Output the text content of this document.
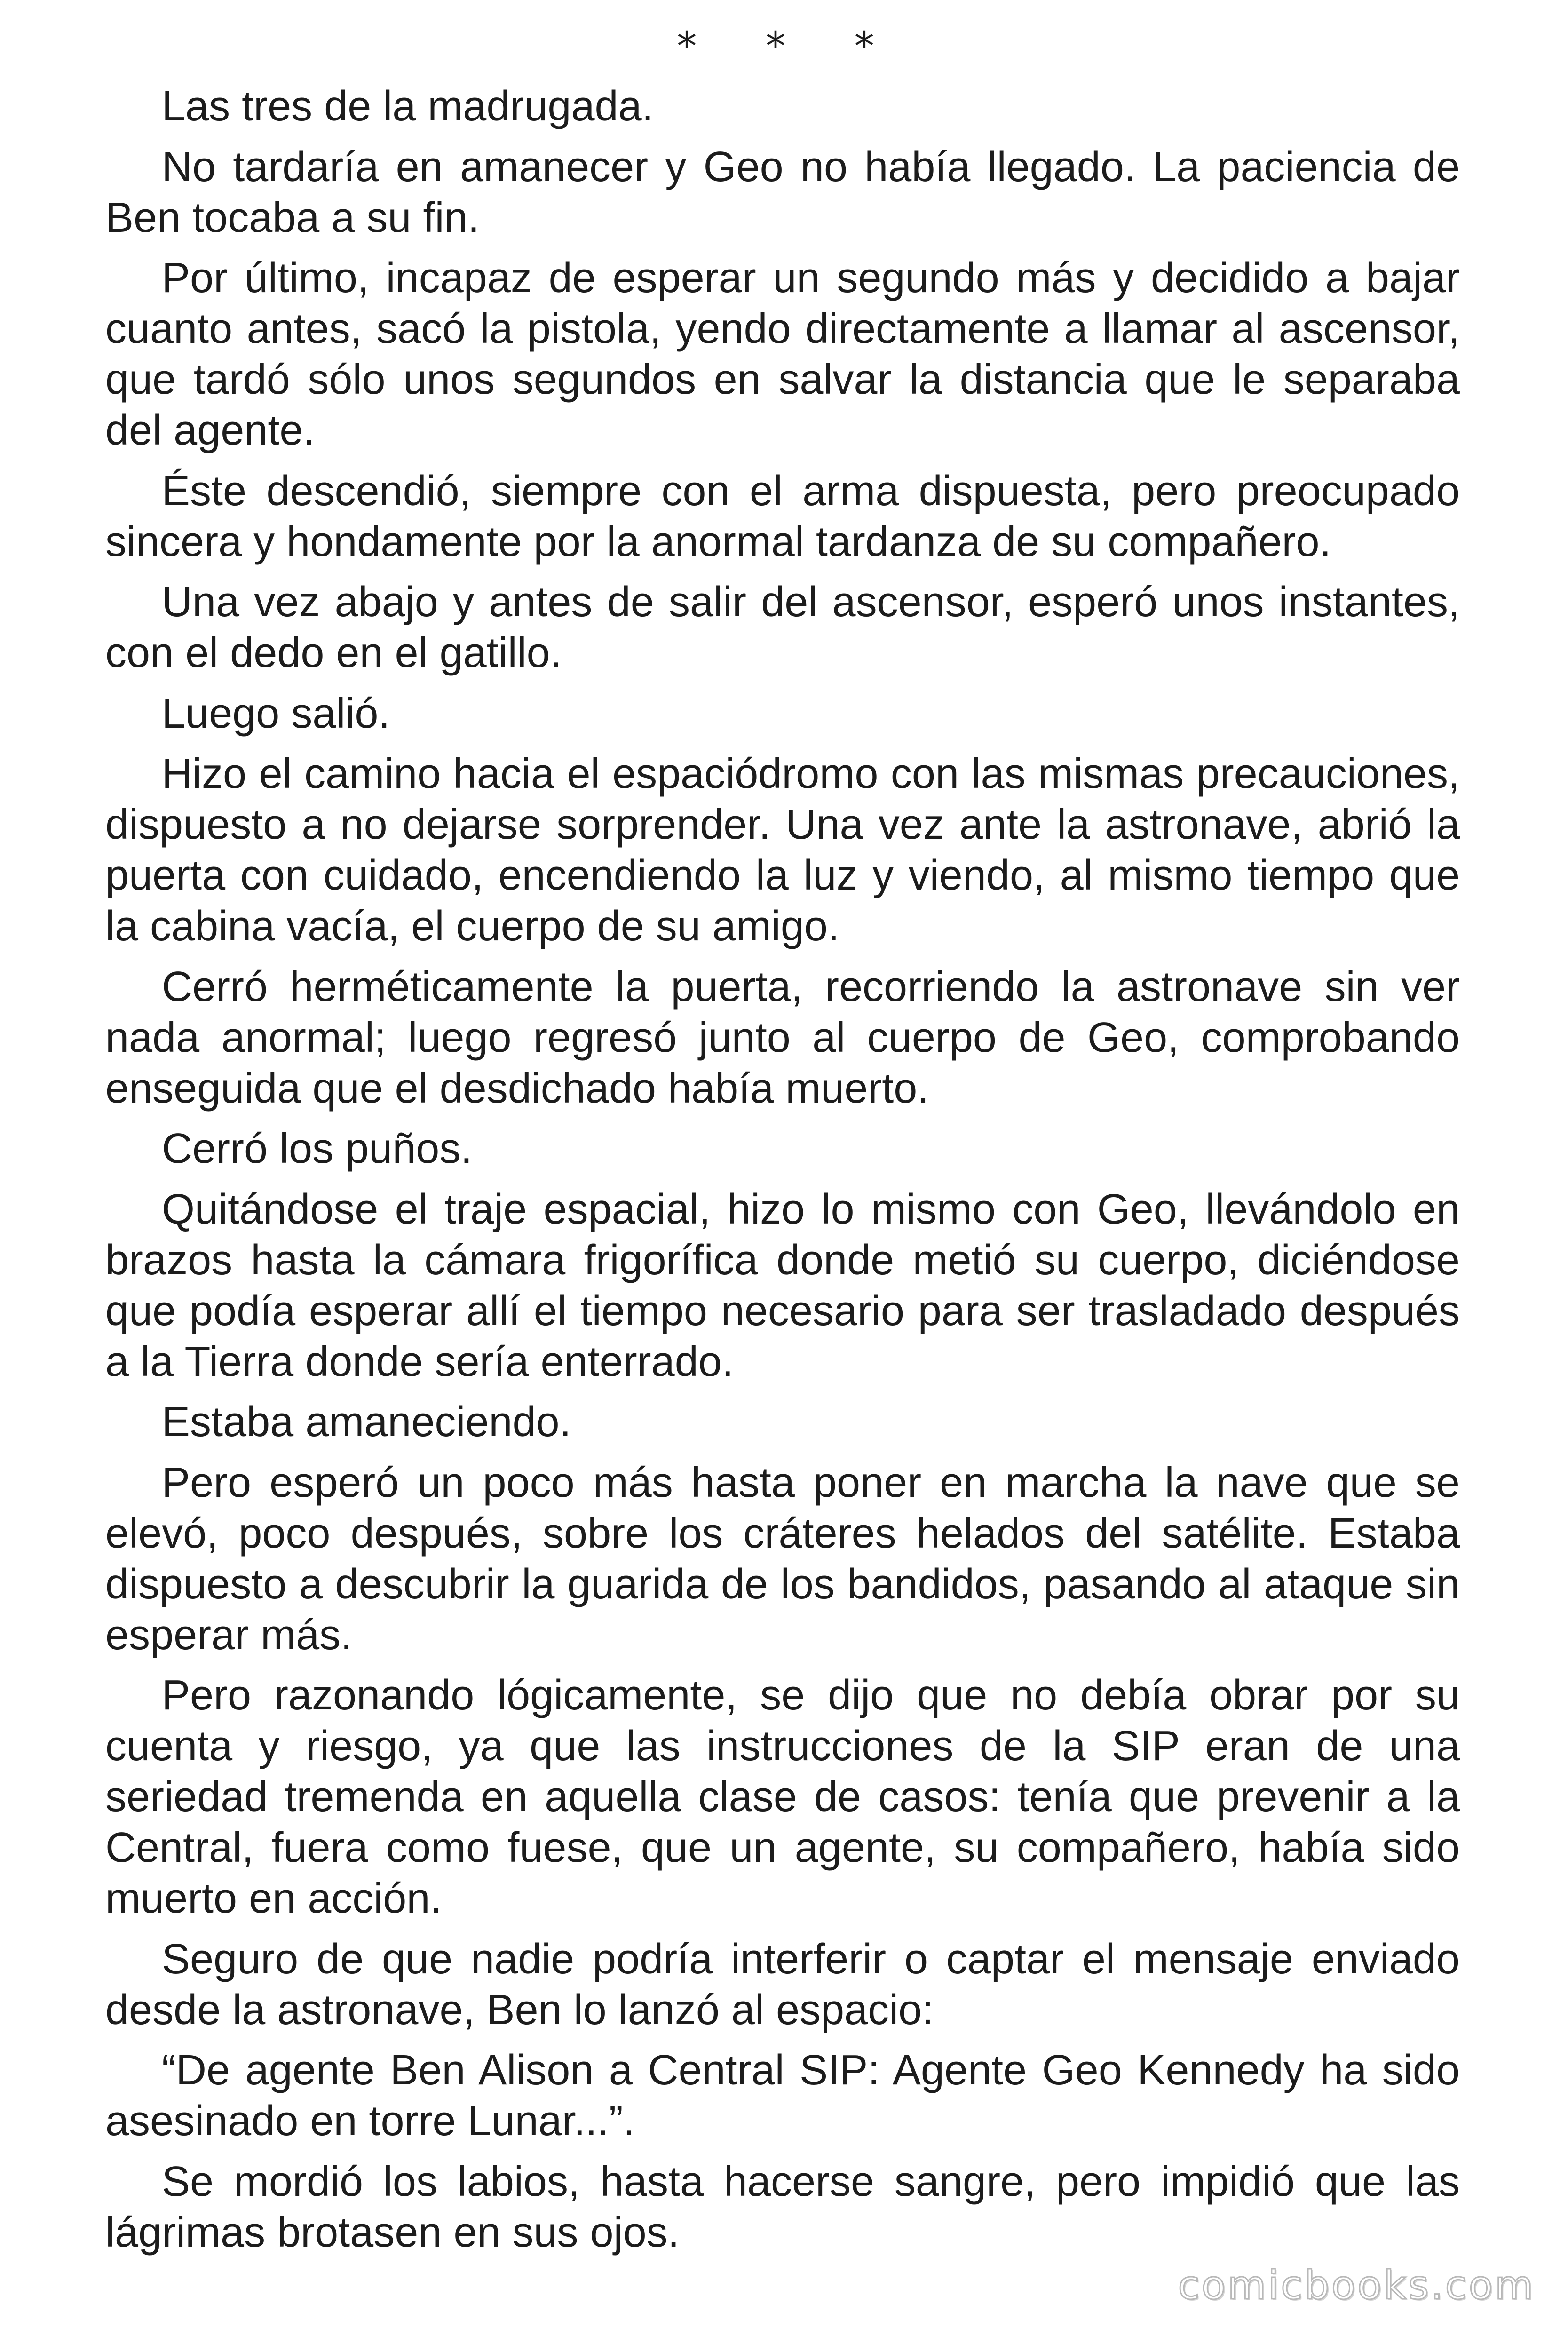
* * *

Las tres de la madrugada.

No tardaría en amanecer y Geo no había llegado. La paciencia de Ben tocaba a su fin.

Por último, incapaz de esperar un segundo más y decidido a bajar cuanto antes, sacó la pistola, yendo directamente a llamar al ascensor, que tardó sólo unos segundos en salvar la distancia que le separaba del agente.

Éste descendió, siempre con el arma dispuesta, pero preocupado sincera y hondamente por la anormal tardanza de su compañero.

Una vez abajo y antes de salir del ascensor, esperó unos instantes, con el dedo en el gatillo.

Luego salió.

Hizo el camino hacia el espaciódromo con las mismas precauciones, dispuesto a no dejarse sorprender. Una vez ante la astronave, abrió la puerta con cuidado, encendiendo la luz y viendo, al mismo tiempo que la cabina vacía, el cuerpo de su amigo.

Cerró herméticamente la puerta, recorriendo la astronave sin ver nada anormal; luego regresó junto al cuerpo de Geo, comprobando enseguida que el desdichado había muerto.

Cerró los puños.

Quitándose el traje espacial, hizo lo mismo con Geo, llevándolo en brazos hasta la cámara frigorífica donde metió su cuerpo, diciéndose que podía esperar allí el tiempo necesario para ser trasladado después a la Tierra donde sería enterrado.

Estaba amaneciendo.

Pero esperó un poco más hasta poner en marcha la nave que se elevó, poco después, sobre los cráteres helados del satélite. Estaba dispuesto a descubrir la guarida de los bandidos, pasando al ataque sin esperar más.

Pero razonando lógicamente, se dijo que no debía obrar por su cuenta y riesgo, ya que las instrucciones de la SIP eran de una seriedad tremenda en aquella clase de casos: tenía que prevenir a la Central, fuera como fuese, que un agente, su compañero, había sido muerto en acción.

Seguro de que nadie podría interferir o captar el mensaje enviado desde la astronave, Ben lo lanzó al espacio:

“De agente Ben Alison a Central SIP: Agente Geo Kennedy ha sido asesinado en torre Lunar...”.

Se mordió los labios, hasta hacerse sangre, pero impidió que las lágrimas brotasen en sus ojos.

comicbooks.com
